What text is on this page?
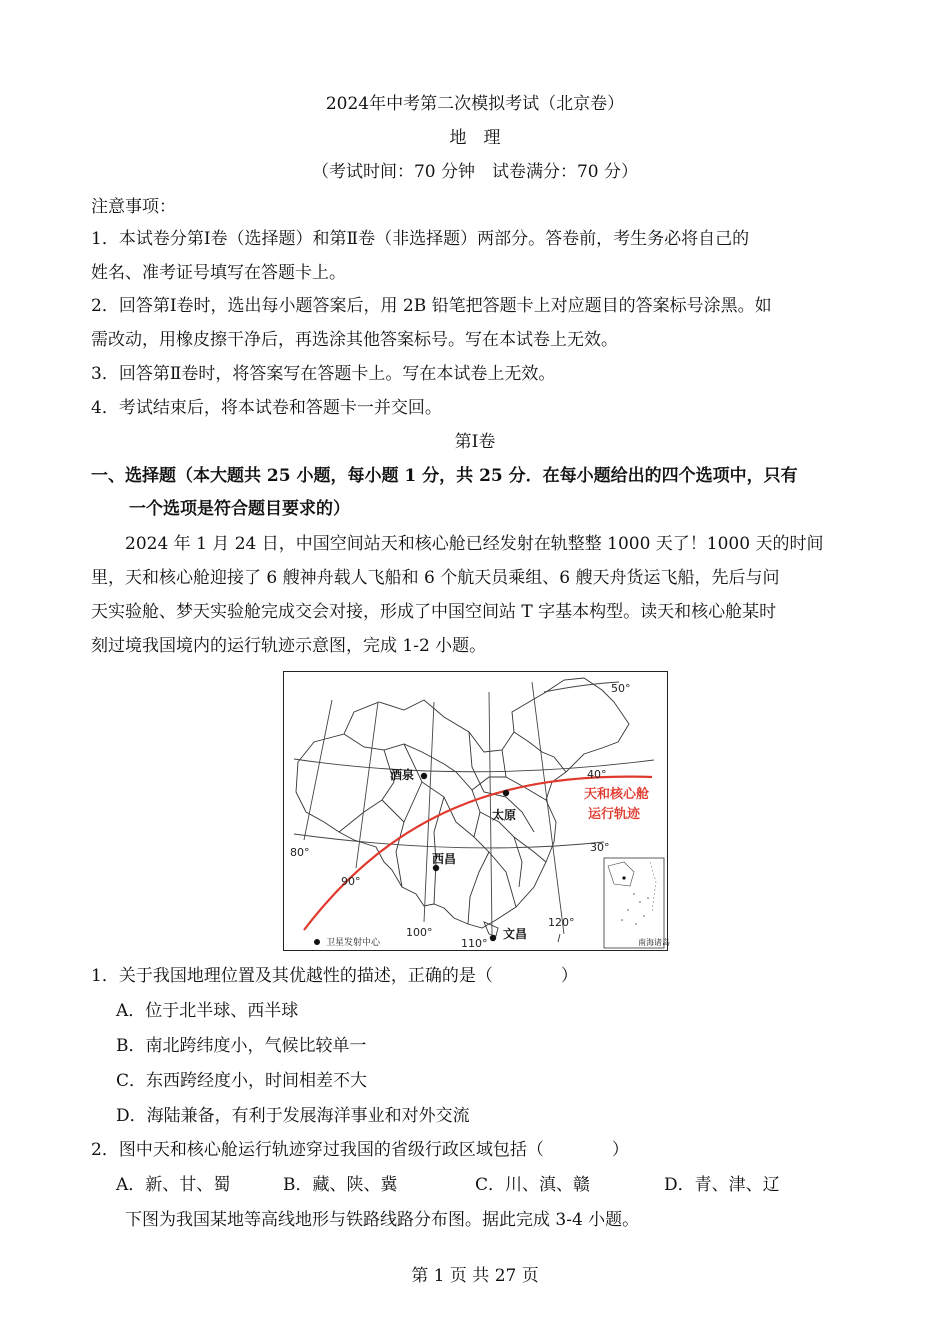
2024年中考第二次模拟考试（北京卷）
地　理
（考试时间：70 分钟　试卷满分：70 分）
注意事项：
1．本试卷分第Ⅰ卷（选择题）和第Ⅱ卷（非选择题）两部分。答卷前，考生务必将自己的
姓名、准考证号填写在答题卡上。
2．回答第Ⅰ卷时，选出每小题答案后，用 2B 铅笔把答题卡上对应题目的答案标号涂黑。如
需改动，用橡皮擦干净后，再选涂其他答案标号。写在本试卷上无效。
3．回答第Ⅱ卷时，将答案写在答题卡上。写在本试卷上无效。
4．考试结束后，将本试卷和答题卡一并交回。
第Ⅰ卷
一、选择题（本大题共 25 小题，每小题 1 分，共 25 分．在每小题给出的四个选项中，只有
一个选项是符合题目要求的）
2024 年 1 月 24 日，中国空间站天和核心舱已经发射在轨整整 1000 天了！1000 天的时间
里，天和核心舱迎接了 6 艘神舟载人飞船和 6 个航天员乘组、6 艘天舟货运飞船，先后与问
天实验舱、梦天实验舱完成交会对接，形成了中国空间站 T 字基本构型。读天和核心舱某时
刻过境我国境内的运行轨迹示意图，完成 1-2 小题。
酒泉
太原
西昌
文昌
天和核心舱
运行轨迹
50°
40°
30°
80°
90°
100°
110°
120°
卫星发射中心	南海诸岛
1．关于我国地理位置及其优越性的描述，正确的是（　　　　）
A．位于北半球、西半球
B．南北跨纬度小，气候比较单一
C．东西跨经度小，时间相差不大
D．海陆兼备，有利于发展海洋事业和对外交流
2．图中天和核心舱运行轨迹穿过我国的省级行政区域包括（　　　　）
A．新、甘、蜀	B．藏、陕、冀	C．川、滇、赣	D．青、津、辽
下图为我国某地等高线地形与铁路线路分布图。据此完成 3-4 小题。
第 1 页 共 27 页
